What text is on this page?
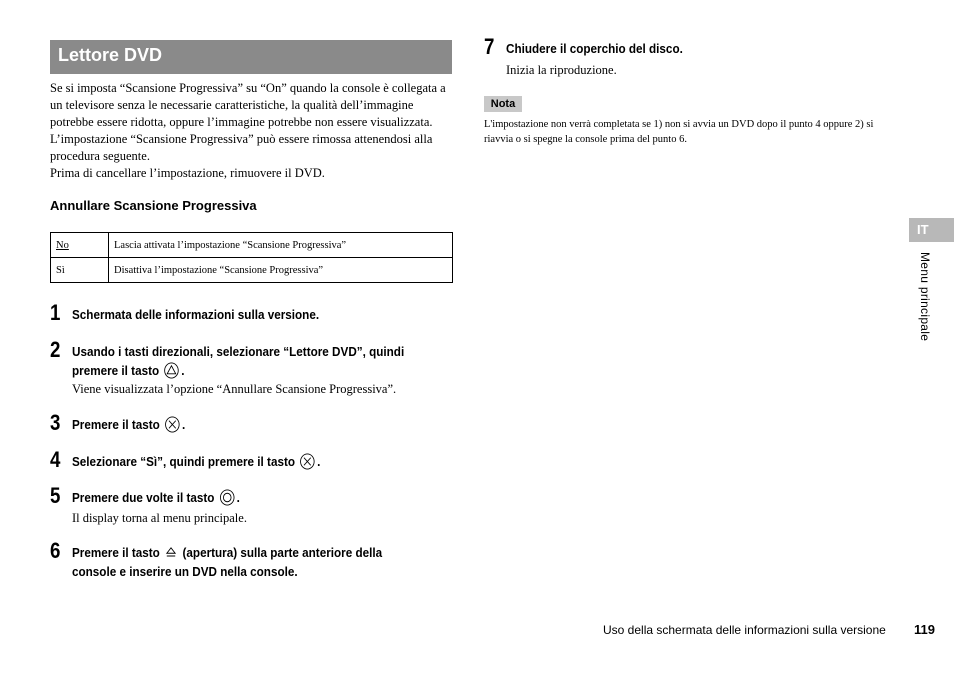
Lettore DVD

Se si imposta “Scansione Progressiva” su “On” quando la console è collegata a un televisore senza le necessarie caratteristiche, la qualità dell’immagine potrebbe essere ridotta, oppure l’immagine potrebbe non essere visualizzata. L’impostazione “Scansione Progressiva” può essere rimossa attenendosi alla procedura seguente.

Prima di cancellare l’impostazione, rimuovere il DVD.

Annullare Scansione Progressiva
No	Lascia attivata l’impostazione “Scansione Progressiva”
Sì	Disattiva l’impostazione “Scansione Progressiva”
1 Schermata delle informazioni sulla versione.
2 Usando i tasti direzionali, selezionare “Lettore DVD”, quindi
premere il tasto .
Viene visualizzata l’opzione “Annullare Scansione Progressiva”.
3 Premere il tasto .
4 Selezionare “Sì”, quindi premere il tasto .
5 Premere due volte il tasto .
Il display torna al menu principale.
6 Premere il tasto (apertura) sulla parte anteriore della
console e inserire un DVD nella console.
7 Chiudere il coperchio del disco.
Inizia la riproduzione.
Nota
L'impostazione non verrà completata se 1) non si avvia un DVD dopo il punto 4 oppure 2) si riavvia o si spegne la console prima del punto 6.
IT
Menu principale
Uso della schermata delle informazioni sulla versione 119
